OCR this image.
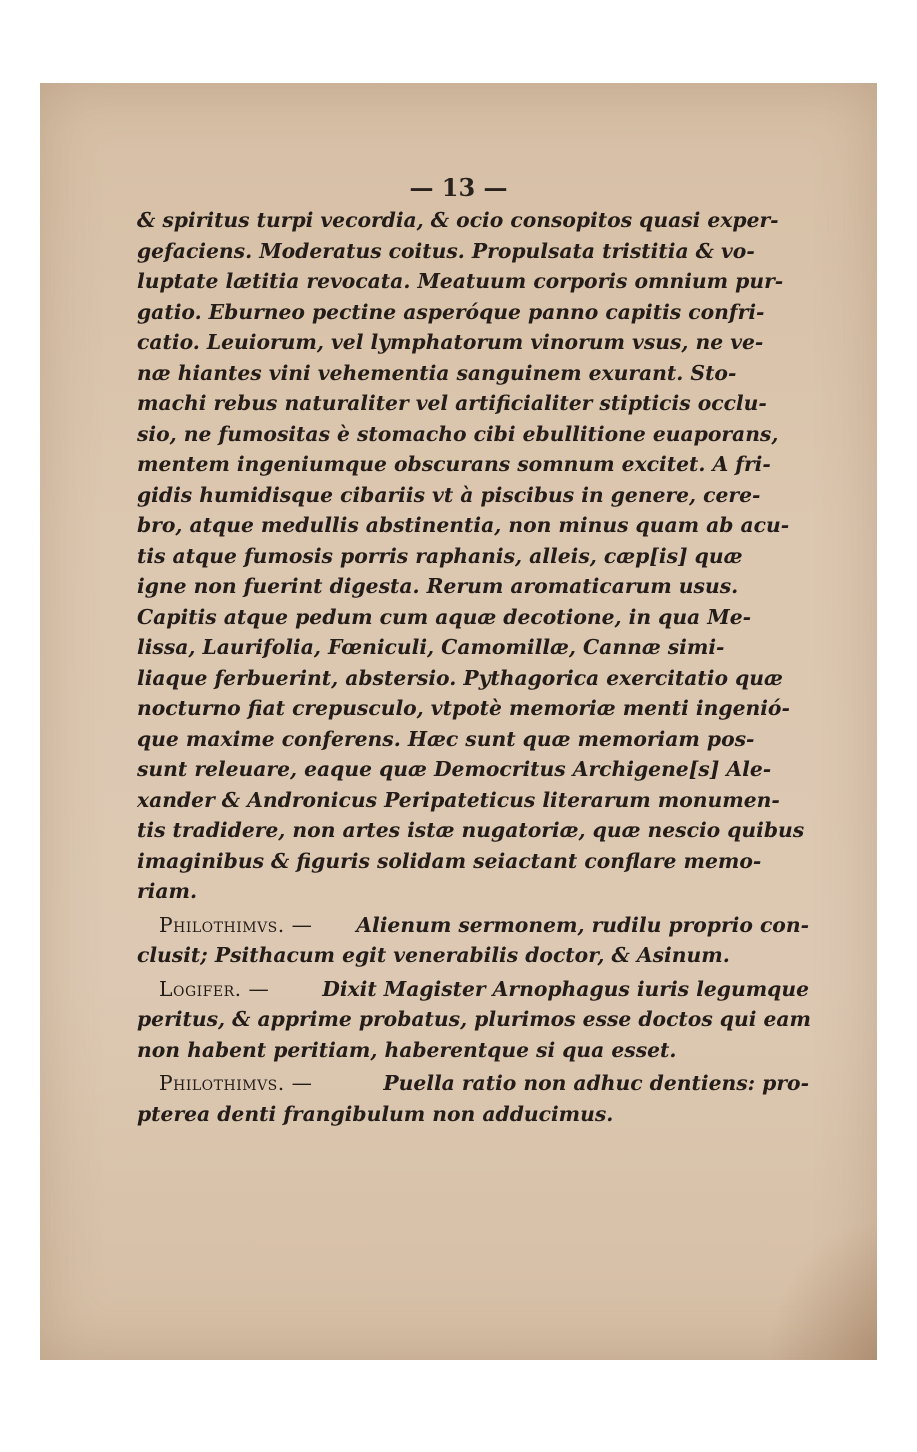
— 13 —
& spiritus turpi vecordia, & ocio consopitos quasi exper-
gefaciens. Moderatus coitus. Propulsata tristitia & vo-
luptate lætitia revocata. Meatuum corporis omnium pur-
gatio. Eburneo pectine asperóque panno capitis confri-
catio. Leuiorum, vel lymphatorum vinorum vsus, ne ve-
næ hiantes vini vehementia sanguinem exurant. Sto-
machi rebus naturaliter vel artificialiter stipticis occlu-
sio, ne fumositas è stomacho cibi ebullitione euaporans,
mentem ingeniumque obscurans somnum excitet. A fri-
gidis humidisque cibariis vt à piscibus in genere, cere-
bro, atque medullis abstinentia, non minus quam ab acu-
tis atque fumosis porris raphanis, alleis, cæp[is] quæ
igne non fuerint digesta. Rerum aromaticarum usus.
Capitis atque pedum cum aquæ decotione, in qua Me-
lissa, Laurifolia, Fœniculi, Camomillæ, Cannæ simi-
liaque ferbuerint, abstersio. Pythagorica exercitatio quæ
nocturno fiat crepusculo, vtpotè memoriæ menti ingenió-
que maxime conferens. Hæc sunt quæ memoriam pos-
sunt releuare, eaque quæ Democritus Archigene[s] Ale-
xander & Andronicus Peripateticus literarum monumen-
tis tradidere, non artes istæ nugatoriæ, quæ nescio quibus
imaginibus & figuris solidam seiactant conflare memo-
riam.
Philothimvs. — Alienum sermonem, rudilu proprio con-
clusit; Psithacum egit venerabilis doctor, & Asinum.
Logifer. —	Dixit Magister Arnophagus iuris legumque
peritus, & apprime probatus, plurimos esse doctos qui eam
non habent peritiam, haberentque si qua esset.
Philothimvs. —	Puella ratio non adhuc dentiens: pro-
pterea denti frangibulum non adducimus.
